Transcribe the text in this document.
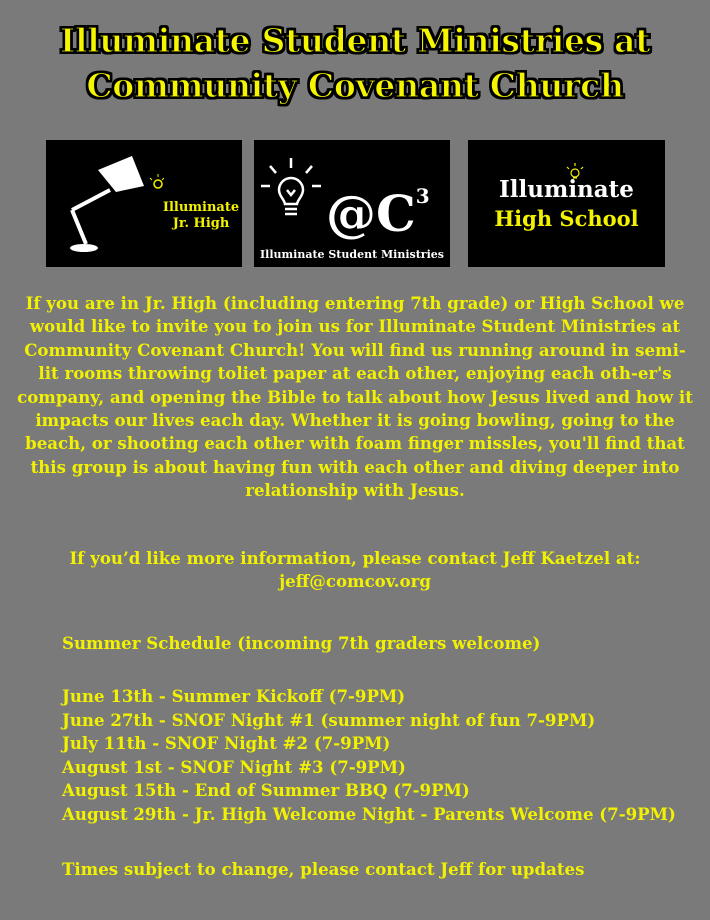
Illuminate Student Ministries at
Community Covenant Church
Illuminate
Jr. High	$@C^3$
Illuminate Student Ministries
Illuminate
High School
If you are in Jr. High (including entering 7th grade) or High School we would like to invite you to join us for Illuminate Student Ministries at Community Covenant Church! You will find us running around in semi-lit rooms throwing toliet paper at each other, enjoying each oth-er's company, and opening the Bible to talk about how Jesus lived and how it impacts our lives each day. Whether it is going bowling, going to the beach, or shooting each other with foam finger missles, you'll find that this group is about having fun with each other and diving deeper into relationship with Jesus.
If you’d like more information, please contact Jeff Kaetzel at:
jeff@comcov.org
Summer Schedule (incoming 7th graders welcome)
June 13th - Summer Kickoff (7-9PM)
June 27th - SNOF Night #1 (summer night of fun 7-9PM)
July 11th - SNOF Night #2 (7-9PM)
August 1st - SNOF Night #3 (7-9PM)
August 15th - End of Summer BBQ (7-9PM)
August 29th - Jr. High Welcome Night - Parents Welcome (7-9PM)
Times subject to change, please contact Jeff for updates
